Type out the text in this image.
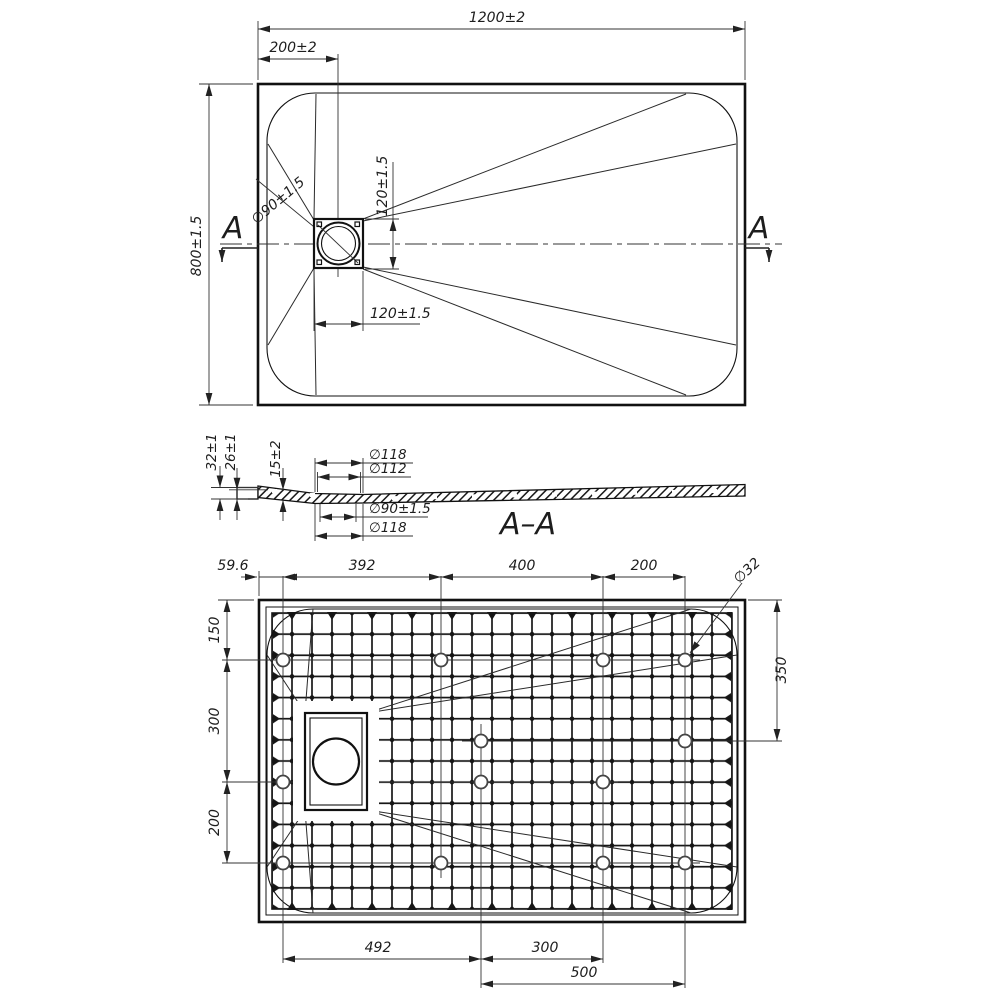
1200±2
200±2
800±1.5
120±1.5
120±1.5
∅90±1.5
A	A
32±1 26±1 15±2	∅118
∅112
∅90±1.5
∅118	A–A
59.6	392	400	200	∅32
150
300
200
350
492	300
500
